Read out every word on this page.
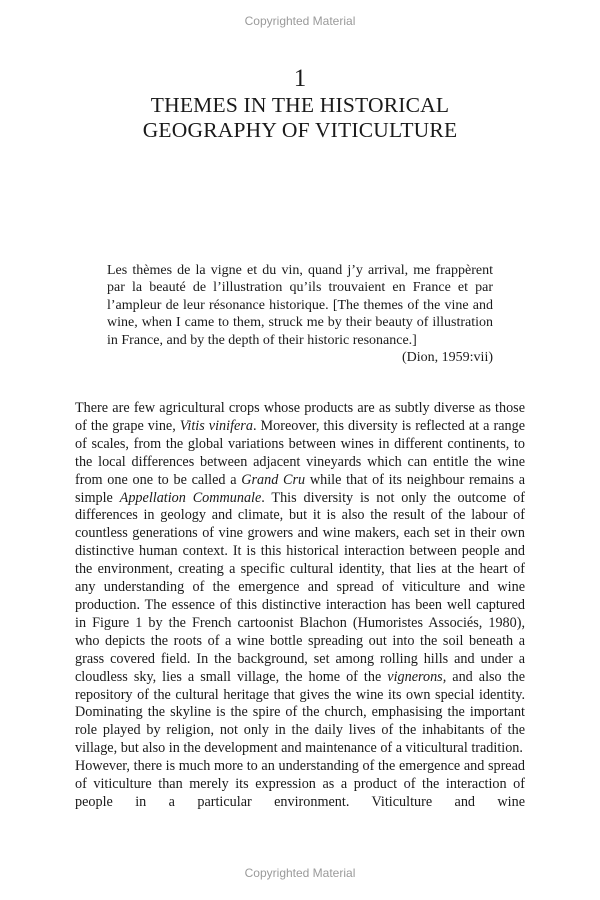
Copyrighted Material
1
THEMES IN THE HISTORICAL
GEOGRAPHY OF VITICULTURE

Les thèmes de la vigne et du vin, quand j’y arrival, me frappèrent par la beauté de l’illustration qu’ils trouvaient en France et par l’ampleur de leur résonance historique. [The themes of the vine and wine, when I came to them, struck me by their beauty of illustration in France, and by the depth of their historic resonance.]

(Dion, 1959:vii)

There are few agricultural crops whose products are as subtly diverse as those of the grape vine, Vitis vinifera. Moreover, this diversity is reflected at a range of scales, from the global variations between wines in different continents, to the local differences between adjacent vineyards which can entitle the wine from one one to be called a Grand Cru while that of its neighbour remains a simple Appellation Communale. This diversity is not only the outcome of differences in geology and climate, but it is also the result of the labour of countless generations of vine growers and wine makers, each set in their own distinctive human context. It is this historical interaction between people and the environment, creating a specific cultural identity, that lies at the heart of any understanding of the emergence and spread of viticulture and wine production. The essence of this distinctive interaction has been well captured in Figure 1 by the French cartoonist Blachon (Humoristes Associés, 1980), who depicts the roots of a wine bottle spreading out into the soil beneath a grass covered field. In the background, set among rolling hills and under a cloudless sky, lies a small village, the home of the vignerons, and also the repository of the cultural heritage that gives the wine its own special identity. Dominating the skyline is the spire of the church, emphasising the important role played by religion, not only in the daily lives of the inhabitants of the village, but also in the development and maintenance of a viticultural tradition.

However, there is much more to an understanding of the emergence and spread of viticulture than merely its expression as a product of the interaction of people in a particular environment. Viticulture and wine

Copyrighted Material
